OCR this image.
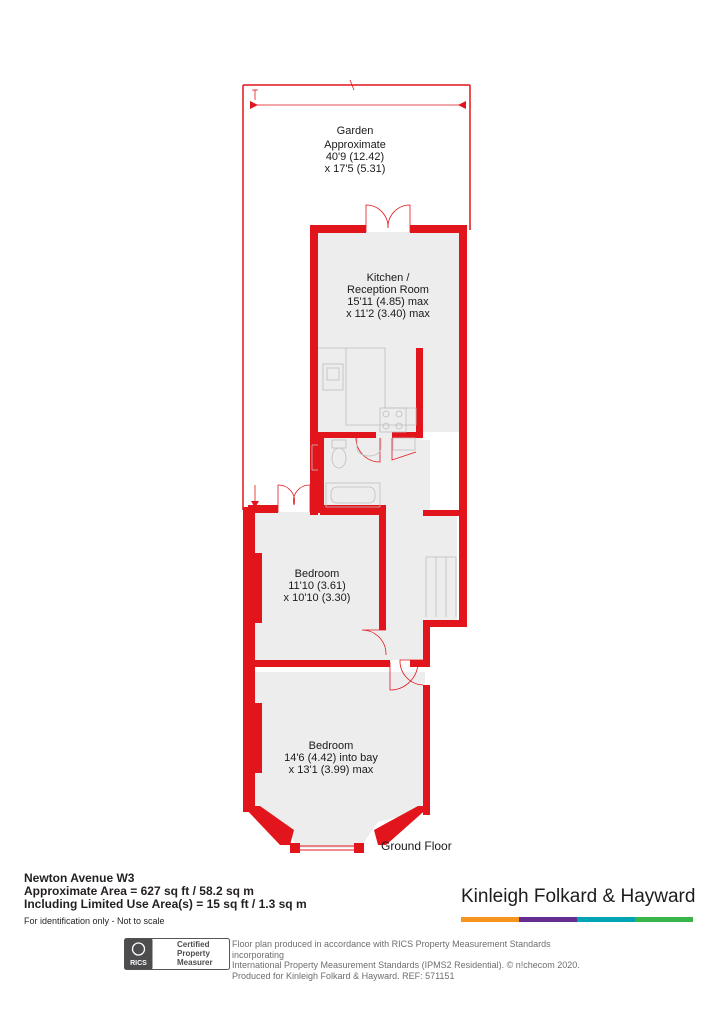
Garden
Approximate
40'9 (12.42)
x 17'5 (5.31)
Kitchen /
Reception Room
15'11 (4.85) max
x 11'2 (3.40) max
Bedroom
11'10 (3.61)
x 10'10 (3.30)
Bedroom
14'6 (4.42) into bay
x 13'1 (3.99) max
Ground Floor
Newton Avenue W3
Approximate Area = 627 sq ft / 58.2 sq m
Including Limited Use Area(s) = 15 sq ft / 1.3 sq m
For identification only - Not to scale
Kinleigh Folkard & Hayward
RICS
Certified
Property
Measurer
Floor plan produced in accordance with RICS Property Measurement Standards incorporating
International Property Measurement Standards (IPMS2 Residential). © n!checom 2020.
Produced for Kinleigh Folkard & Hayward. REF: 571151
